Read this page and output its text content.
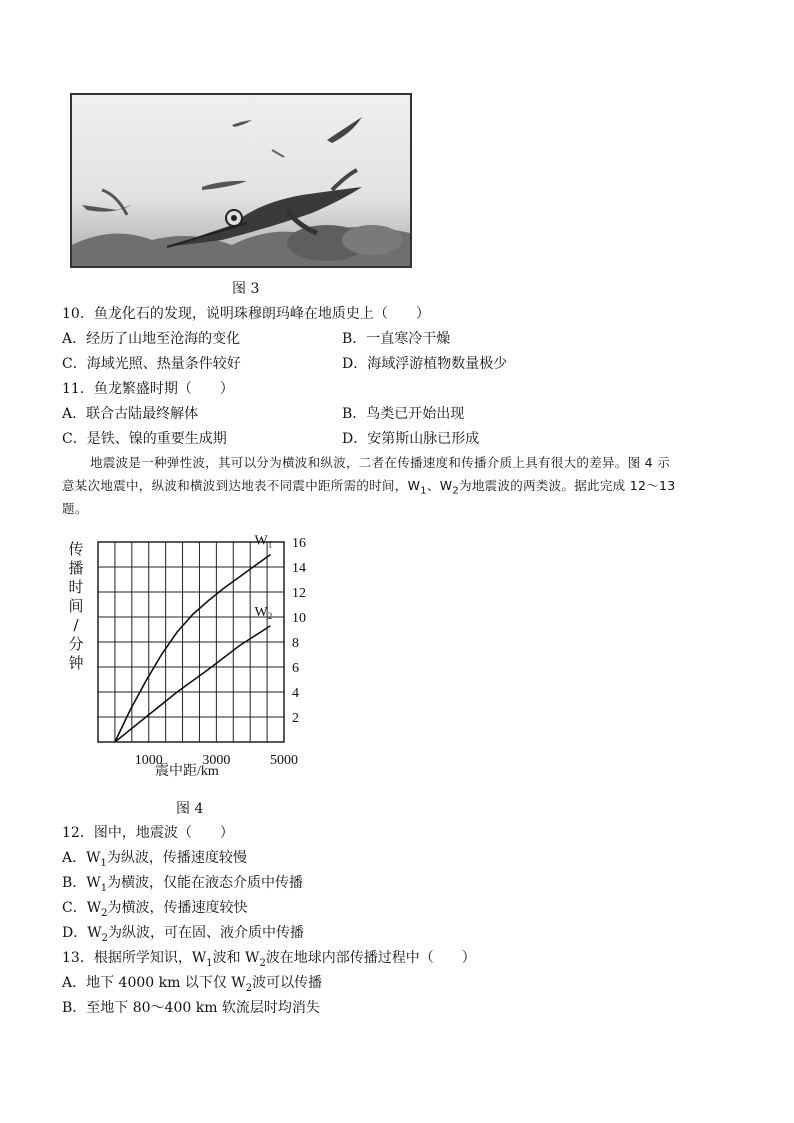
图 3
10．鱼龙化石的发现，说明珠穆朗玛峰在地质史上（　　）
A．经历了山地至沧海的变化	B．一直寒冷干燥
C．海域光照、热量条件较好	D．海域浮游植物数量极少
11．鱼龙繁盛时期（　　）
A．联合古陆最终解体	B．鸟类已开始出现
C．是铁、镍的重要生成期	D．安第斯山脉已形成
地震波是一种弹性波，其可以分为横波和纵波，二者在传播速度和传播介质上具有很大的差异。图 4 示
意某次地震中，纵波和横波到达地表不同震中距所需的时间，$W_1$、$W_2$为地震波的两类波。据此完成 12～13
题。
传
播
时
间
/
分
钟
2
4
6
8
10
12
14
16
1000	3000	5000
$W_1$
$W_2$
震中距/km
图 4
12．图中，地震波（　　）
A．$W_1$为纵波，传播速度较慢
B．$W_1$为横波，仅能在液态介质中传播
C．$W_2$为横波，传播速度较快
D．$W_2$为纵波，可在固、液介质中传播
13．根据所学知识，$W_1$波和 $W_2$波在地球内部传播过程中（　　）
A．地下 4000 km 以下仅 $W_2$波可以传播
B．至地下 80～400 km 软流层时均消失
